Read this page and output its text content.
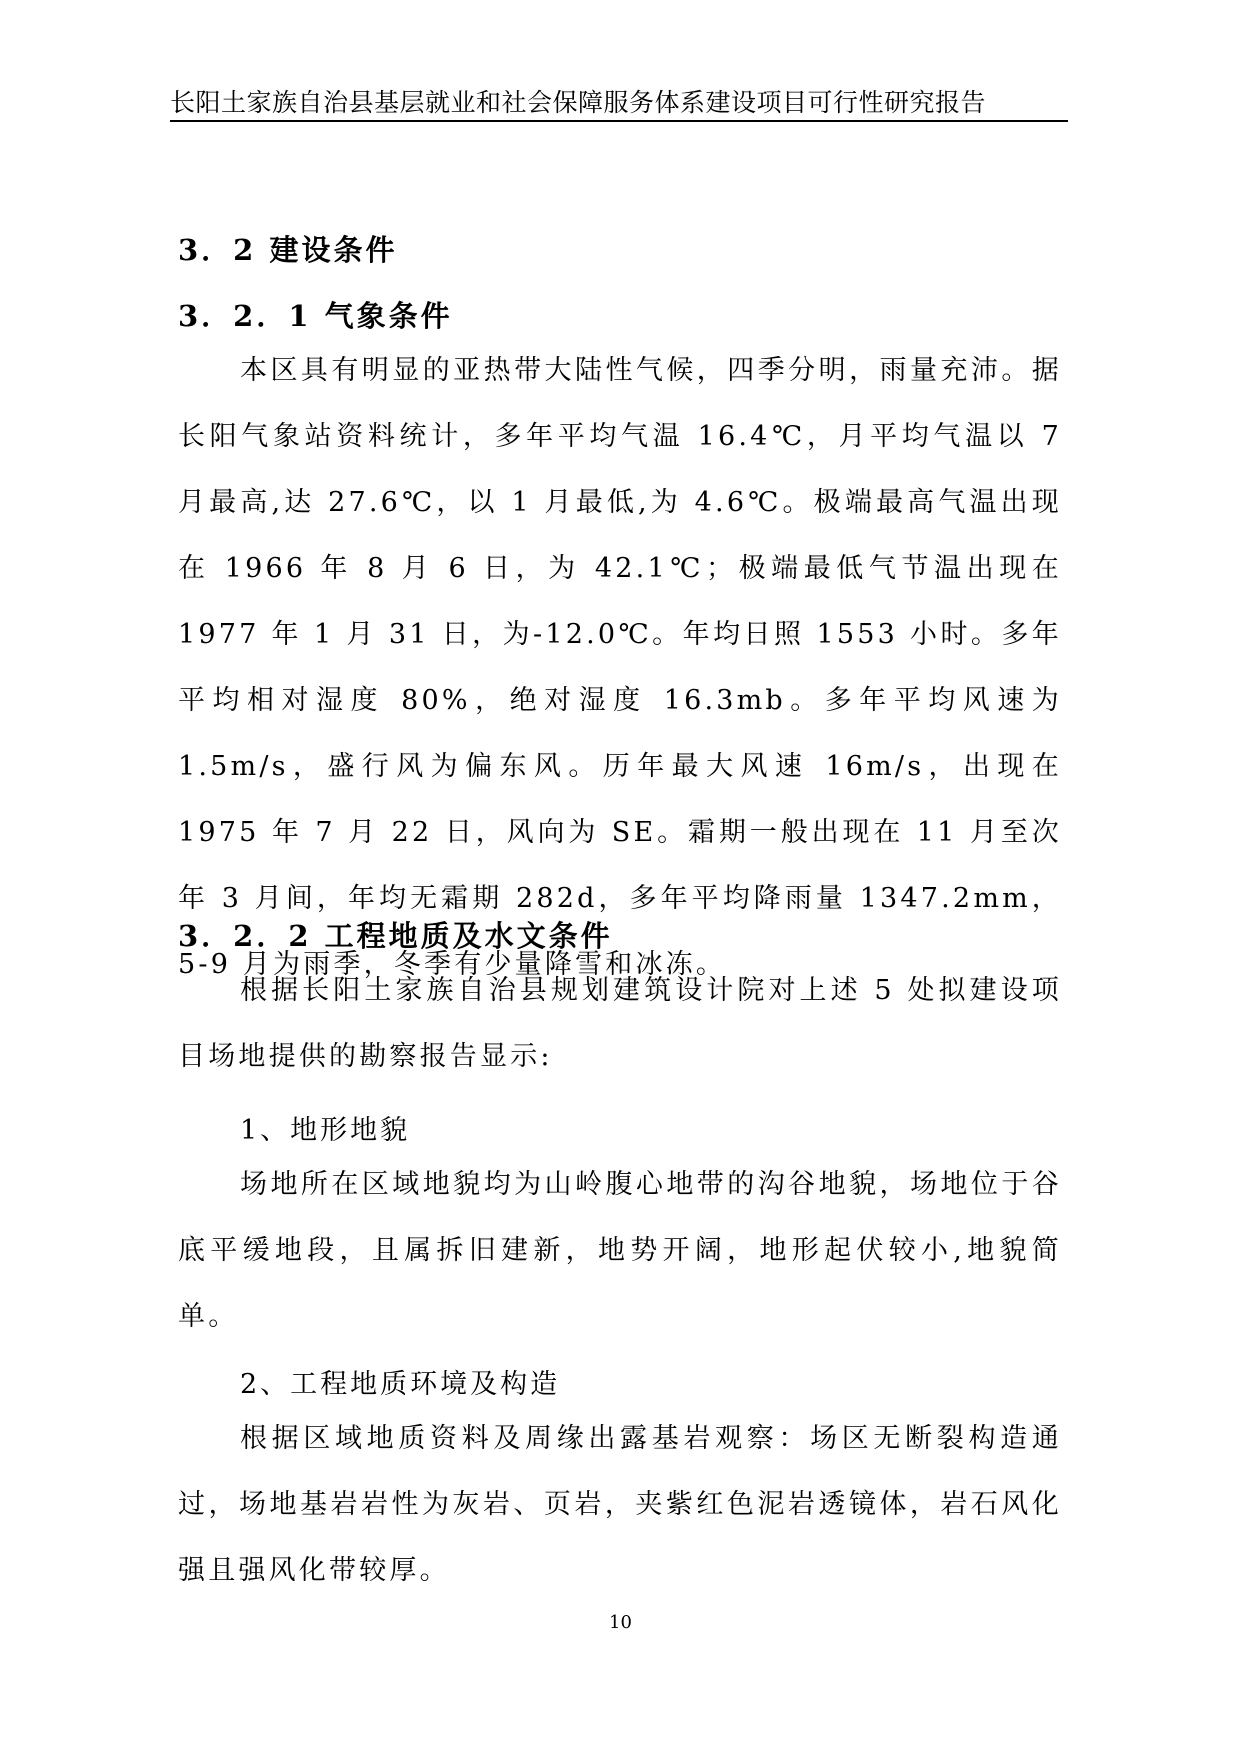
长阳土家族自治县基层就业和社会保障服务体系建设项目可行性研究报告
3．2 建设条件
3．2．1 气象条件
本区具有明显的亚热带大陆性气候，四季分明，雨量充沛。据长阳气象站资料统计，多年平均气温 16.4℃，月平均气温以 7 月最高,达 27.6℃，以 1 月最低,为 4.6℃。极端最高气温出现在 1966 年 8 月 6 日，为 42.1℃；极端最低气节温出现在 1977 年 1 月 31 日，为-12.0℃。年均日照 1553 小时。多年平均相对湿度 80%，绝对湿度 16.3mb。多年平均风速为 1.5m/s，盛行风为偏东风。历年最大风速 16m/s，出现在 1975 年 7 月 22 日，风向为 SE。霜期一般出现在 11 月至次年 3 月间，年均无霜期 282d，多年平均降雨量 1347.2mm，5-9 月为雨季，冬季有少量降雪和冰冻。
3．2．2 工程地质及水文条件
根据长阳土家族自治县规划建筑设计院对上述 5 处拟建设项目场地提供的勘察报告显示:
1、地形地貌
场地所在区域地貌均为山岭腹心地带的沟谷地貌，场地位于谷底平缓地段，且属拆旧建新，地势开阔，地形起伏较小,地貌简单。
2、工程地质环境及构造
根据区域地质资料及周缘出露基岩观察：场区无断裂构造通过，场地基岩岩性为灰岩、页岩，夹紫红色泥岩透镜体，岩石风化强且强风化带较厚。
10
